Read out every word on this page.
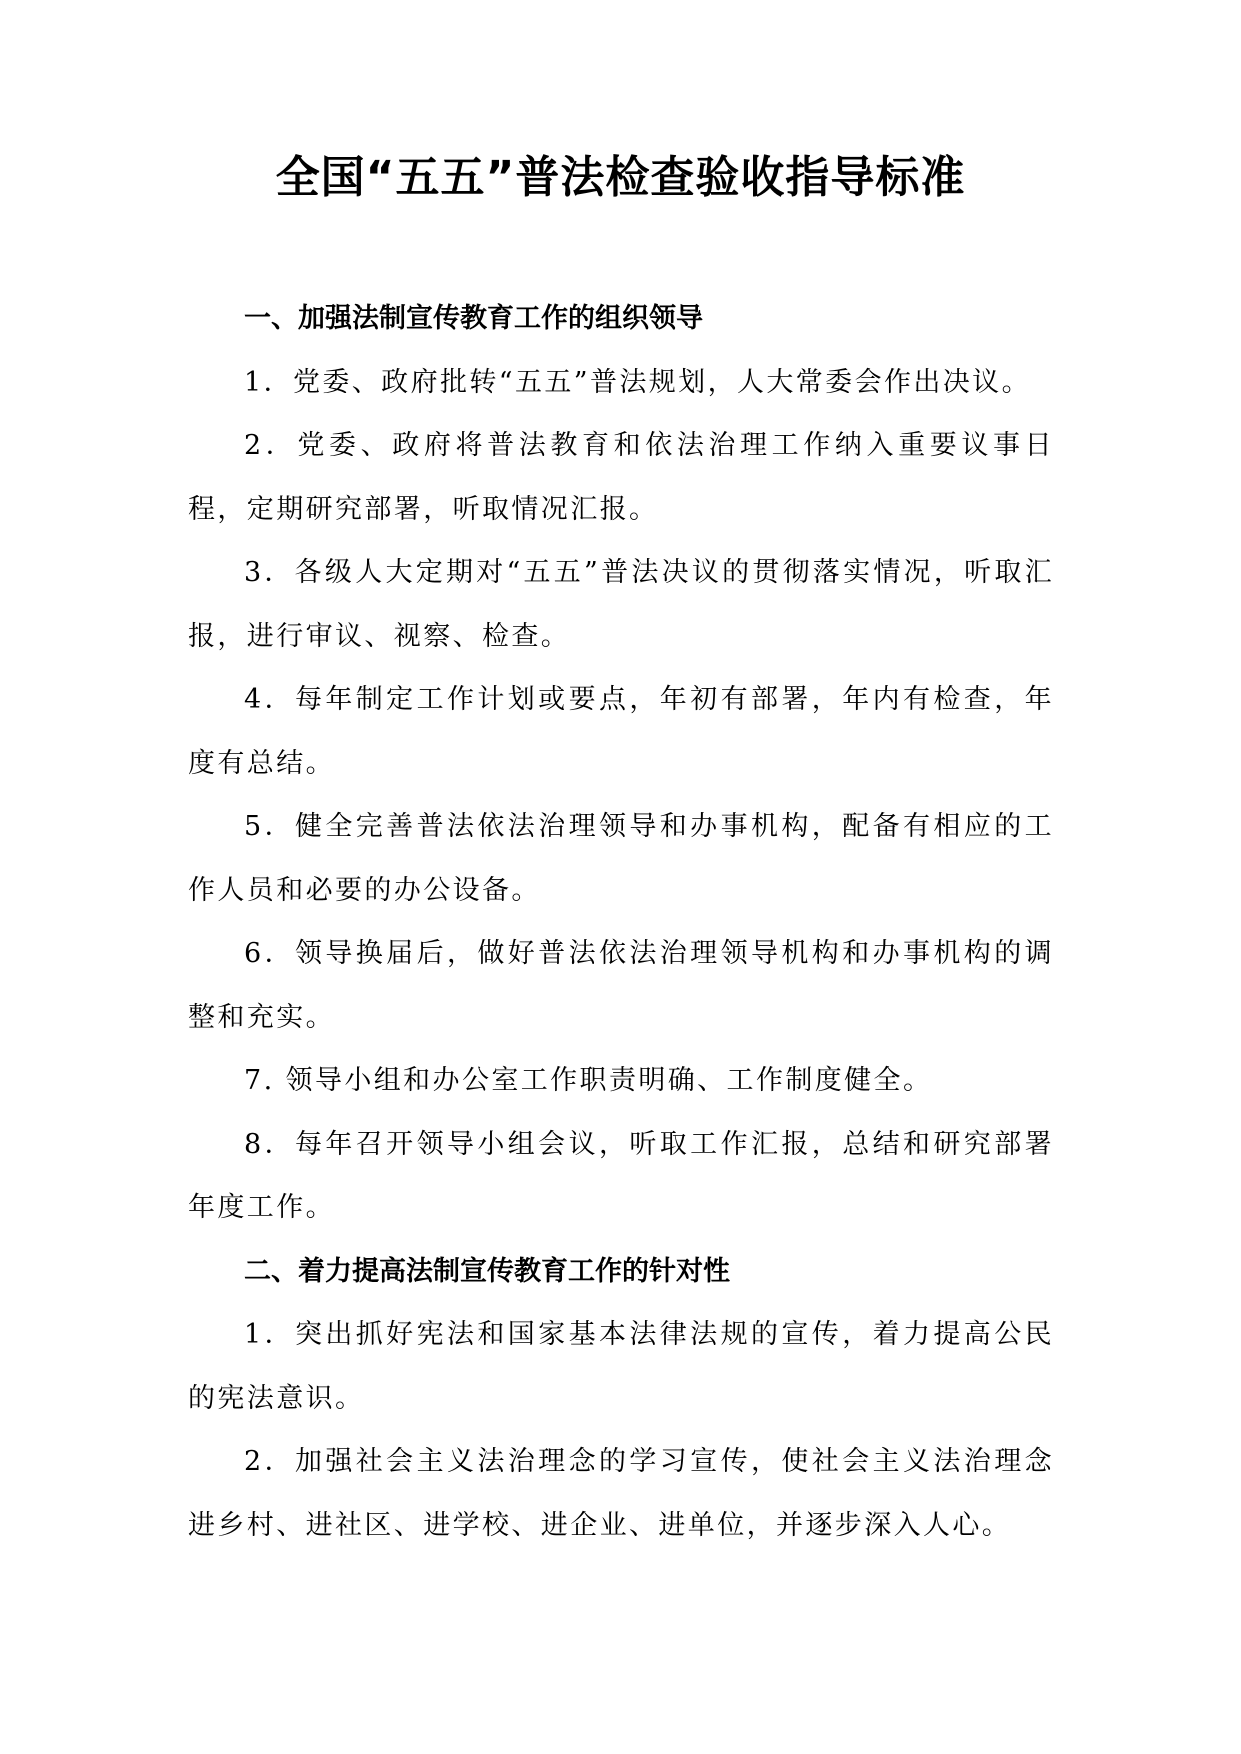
全国“五五”普法检查验收指导标准

一、加强法制宣传教育工作的组织领导

1．党委、政府批转“五五”普法规划，人大常委会作出决议。

2．党委、政府将普法教育和依法治理工作纳入重要议事日程，定期研究部署，听取情况汇报。

3．各级人大定期对“五五”普法决议的贯彻落实情况，听取汇报，进行审议、视察、检查。

4．每年制定工作计划或要点，年初有部署，年内有检查，年度有总结。

5．健全完善普法依法治理领导和办事机构，配备有相应的工作人员和必要的办公设备。

6．领导换届后，做好普法依法治理领导机构和办事机构的调整和充实。

7. 领导小组和办公室工作职责明确、工作制度健全。

8．每年召开领导小组会议，听取工作汇报，总结和研究部署年度工作。

二、着力提高法制宣传教育工作的针对性

1．突出抓好宪法和国家基本法律法规的宣传，着力提高公民的宪法意识。

2．加强社会主义法治理念的学习宣传，使社会主义法治理念进乡村、进社区、进学校、进企业、进单位，并逐步深入人心。
